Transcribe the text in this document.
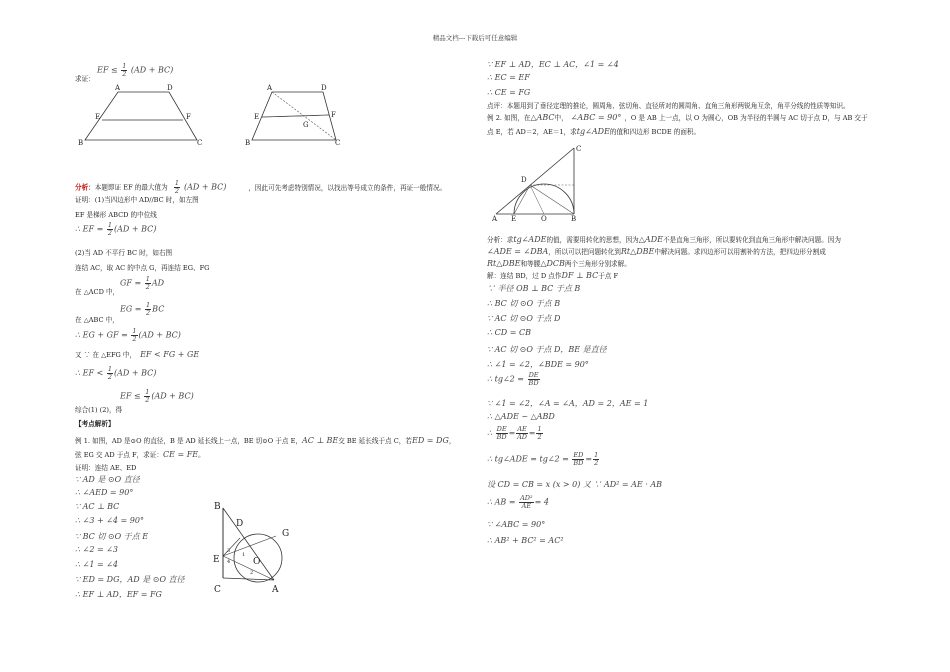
精品文档---下载后可任意编辑
EF ≤ $\frac{1}{2} (AD + BC)$
求证：
A	D
E	F
B	C
A	D
E	F
G
B	C
分析：本题即证 EF 的最大值为 $\frac{1}{2} (AD + BC)$	，因此可先考虑特别情况，以找出等号成立的条件，再证一般情况。
证明：(1)当四边形中 AD//BC 时，如左图
EF 是梯形 ABCD 的中位线
∴ EF = $\frac{1}{2} (AD + BC)$
(2)当 AD 不平行 BC 时，如右图
连结 AC，取 AC 的中点 G，再连结 EG、FG
在 △ACD 中，
GF = $\frac{1}{2}$ AD
在 △ABC 中，
EG = $\frac{1}{2}$ BC
∴ EG + GF = $\frac{1}{2} (AD + BC)$
又 ∵ 在 △EFG 中， EF < FG + GE
∴ EF < $\frac{1}{2} (AD + BC)$
综合(1) (2)，得
EF ≤ $\frac{1}{2} (AD + BC)$
【考点解析】
例 1. 如图，AD 是⊙O 的直径，B 是 AD 延长线上一点，BE 切⊙O 于点 E，AC ⊥ BE交 BE 延长线于点 C，若ED = DG，
弦 EG 交 AD 于点 F，求证：CE = FE。
证明：连结 AE、ED
∵ AD 是 ⊙O 直径
∴ ∠AED = 90°
∵ AC ⊥ BC
∴ ∠3 + ∠4 = 90°
∵ BC 切 ⊙O 于点 E
∴ ∠2 = ∠3
∴ ∠1 = ∠4
∵ ED = DG，AD 是 ⊙O 直径
∴ EF ⊥ AD，EF = FG
B
D
G
E	O
C	A
3
4
1
2
∵ EF ⊥ AD，EC ⊥ AC，∠1 = ∠4
∴ EC = EF
∴ CE = FG
点评：本题用到了垂径定理的推论，圆周角、弦切角、直径所对的圆周角、直角三角形两锐角互余，角平分线的性质等知识。
例 2. 如图，在△ABC中， ∠ABC = 90° ，O 是 AB 上一点，以 O 为圆心，OB 为半径的半圆与 AC 切于点 D，与 AB 交于
点 E，若 AD＝2，AE＝1，求tg∠ADE的值和四边形 BCDE 的面积。
C
D
A E	O	B
分析：求tg∠ADE的值，需要用转化的思想，因为△ADE不是直角三角形，所以要转化到直角三角形中解决问题。因为
∠ADE = ∠DBA，所以可以把问题转化到Rt△DBE中解决问题。求四边形可以用割补的方法，把四边形分割成
Rt△DBE和等腰△DCB两个三角形分别求解。
解：连结 BD，过 D 点作DF ⊥ BC于点 F
∵ 半径 OB ⊥ BC 于点 B
∴ BC 切 ⊙O 于点 B
∵ AC 切 ⊙O 于点 D
∴ CD = CB
∵ AC 切 ⊙O 于点 D，BE 是直径
∴ ∠1 = ∠2，∠BDE = 90°
∴ tg∠2 = $\frac{DE}{BD}$
∵ ∠1 = ∠2，∠A = ∠A，AD = 2，AE = 1
∴ △ADE ∽ △ABD
∴ $\frac{DE}{BD} = \frac{AE}{AD} = \frac{1}{2}$
∴ tg∠ADE = tg∠2 = $\frac{ED}{BD} = \frac{1}{2}$
设 CD = CB = x (x > 0) 又 ∵ AD² = AE · AB
∴ AB = $\frac{\text{AD²}}{AE} = 4$
∵ ∠ABC = 90°
∴ AB² + BC² = AC²
